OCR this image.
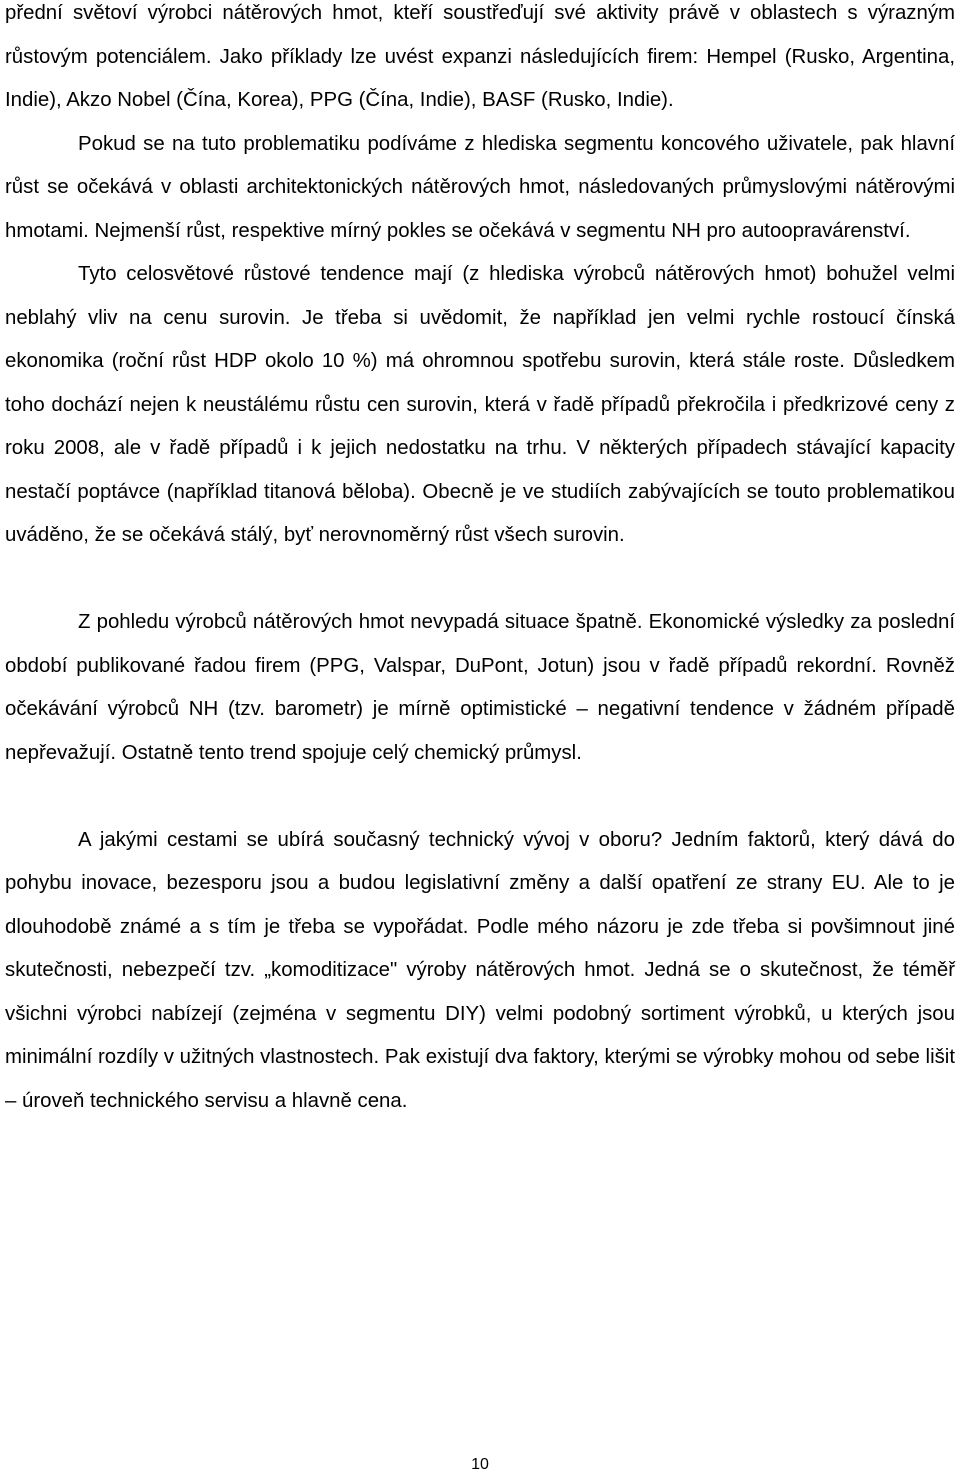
přední světoví výrobci nátěrových hmot, kteří soustřeďují své aktivity právě v oblastech s výrazným růstovým potenciálem. Jako příklady lze uvést expanzi následujících firem: Hempel (Rusko, Argentina, Indie), Akzo Nobel (Čína, Korea), PPG (Čína, Indie), BASF (Rusko, Indie).

Pokud se na tuto problematiku podíváme z hlediska segmentu koncového uživatele, pak hlavní růst se očekává v oblasti architektonických nátěrových hmot, následovaných průmyslovými nátěrovými hmotami. Nejmenší růst, respektive mírný pokles se očekává v segmentu NH pro autoopravárenství.

Tyto celosvětové růstové tendence mají (z hlediska výrobců nátěrových hmot) bohužel velmi neblahý vliv na cenu surovin. Je třeba si uvědomit, že například jen velmi rychle rostoucí čínská ekonomika (roční růst HDP okolo 10 %) má ohromnou spotřebu surovin, která stále roste. Důsledkem toho dochází nejen k neustálému růstu cen surovin, která v řadě případů překročila i předkrizové ceny z roku 2008, ale v řadě případů i k jejich nedostatku na trhu. V některých případech stávající kapacity nestačí poptávce (například titanová běloba). Obecně je ve studiích zabývajících se touto problematikou uváděno, že se očekává stálý, byť nerovnoměrný růst všech surovin.

Z pohledu výrobců nátěrových hmot nevypadá situace špatně. Ekonomické výsledky za poslední období publikované řadou firem (PPG, Valspar, DuPont, Jotun) jsou v řadě případů rekordní. Rovněž očekávání výrobců NH (tzv. barometr) je mírně optimistické – negativní tendence v žádném případě nepřevažují. Ostatně tento trend spojuje celý chemický průmysl.

A jakými cestami se ubírá současný technický vývoj v oboru? Jedním faktorů, který dává do pohybu inovace, bezesporu jsou a budou legislativní změny a další opatření ze strany EU. Ale to je dlouhodobě známé a s tím je třeba se vypořádat. Podle mého názoru je zde třeba si povšimnout jiné skutečnosti, nebezpečí tzv. „komoditizace" výroby nátěrových hmot. Jedná se o skutečnost, že téměř všichni výrobci nabízejí (zejména v segmentu DIY) velmi podobný sortiment výrobků, u kterých jsou minimální rozdíly v užitných vlastnostech. Pak existují dva faktory, kterými se výrobky mohou od sebe lišit – úroveň technického servisu a hlavně cena.

10
